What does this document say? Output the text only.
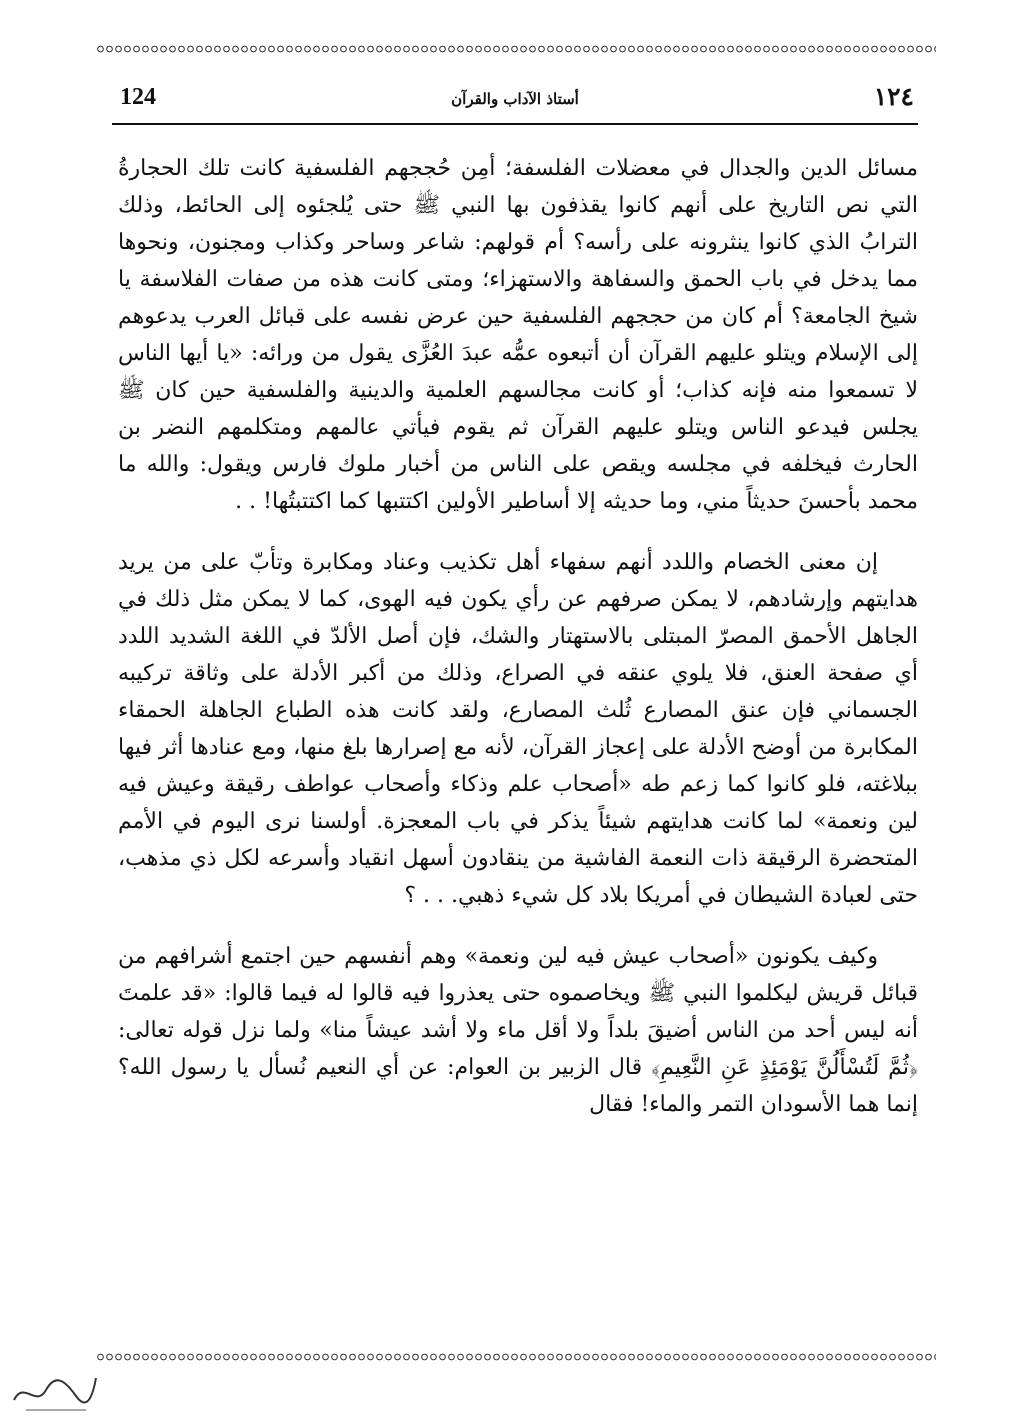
124	أستاذ الآداب والقرآن	١٢٤

مسائل الدين والجدال في معضلات الفلسفة؛ أمِن حُججهم الفلسفية كانت تلك الحجارةُ التي نص التاريخ على أنهم كانوا يقذفون بها النبي ﷺ حتى يُلجئوه إلى الحائط، وذلك الترابُ الذي كانوا ينثرونه على رأسه؟ أم قولهم: شاعر وساحر وكذاب ومجنون، ونحوها مما يدخل في باب الحمق والسفاهة والاستهزاء؛ ومتى كانت هذه من صفات الفلاسفة يا شيخ الجامعة؟ أم كان من حججهم الفلسفية حين عرض نفسه على قبائل العرب يدعوهم إلى الإسلام ويتلو عليهم القرآن أن أتبعوه عمُّه عبدَ العُزَّى يقول من ورائه: «يا أيها الناس لا تسمعوا منه فإنه كذاب؛ أو كانت مجالسهم العلمية والدينية والفلسفية حين كان ﷺ يجلس فيدعو الناس ويتلو عليهم القرآن ثم يقوم فيأتي عالمهم ومتكلمهم النضر بن الحارث فيخلفه في مجلسه ويقص على الناس من أخبار ملوك فارس ويقول: والله ما محمد بأحسنَ حديثاً مني، وما حديثه إلا أساطير الأولين اكتتبها كما اكتتبتُها! . .

إن معنى الخصام واللدد أنهم سفهاء أهل تكذيب وعناد ومكابرة وتأبّ على من يريد هدايتهم وإرشادهم، لا يمكن صرفهم عن رأي يكون فيه الهوى، كما لا يمكن مثل ذلك في الجاهل الأحمق المصرّ المبتلى بالاستهتار والشك، فإن أصل الألدّ في اللغة الشديد اللدد أي صفحة العنق، فلا يلوي عنقه في الصراع، وذلك من أكبر الأدلة على وثاقة تركيبه الجسماني فإن عنق المصارع ثُلث المصارع، ولقد كانت هذه الطباع الجاهلة الحمقاء المكابرة من أوضح الأدلة على إعجاز القرآن، لأنه مع إصرارها بلغ منها، ومع عنادها أثر فيها ببلاغته، فلو كانوا كما زعم طه «أصحاب علم وذكاء وأصحاب عواطف رقيقة وعيش فيه لين ونعمة» لما كانت هدايتهم شيئاً يذكر في باب المعجزة. أولسنا نرى اليوم في الأمم المتحضرة الرقيقة ذات النعمة الفاشية من ينقادون أسهل انقياد وأسرعه لكل ذي مذهب، حتى لعبادة الشيطان في أمريكا بلاد كل شيء ذهبي. . . ؟

وكيف يكونون «أصحاب عيش فيه لين ونعمة» وهم أنفسهم حين اجتمع أشرافهم من قبائل قريش ليكلموا النبي ﷺ ويخاصموه حتى يعذروا فيه قالوا له فيما قالوا: «قد علمتَ أنه ليس أحد من الناس أضيقَ بلداً ولا أقل ماء ولا أشد عيشاً منا» ولما نزل قوله تعالى: ﴿ثُمَّ لَتُسْأَلُنَّ يَوْمَئِذٍ عَنِ النَّعِيمِ﴾ قال الزبير بن العوام: عن أي النعيم نُسأل يا رسول الله؟ إنما هما الأسودان التمر والماء! فقال
